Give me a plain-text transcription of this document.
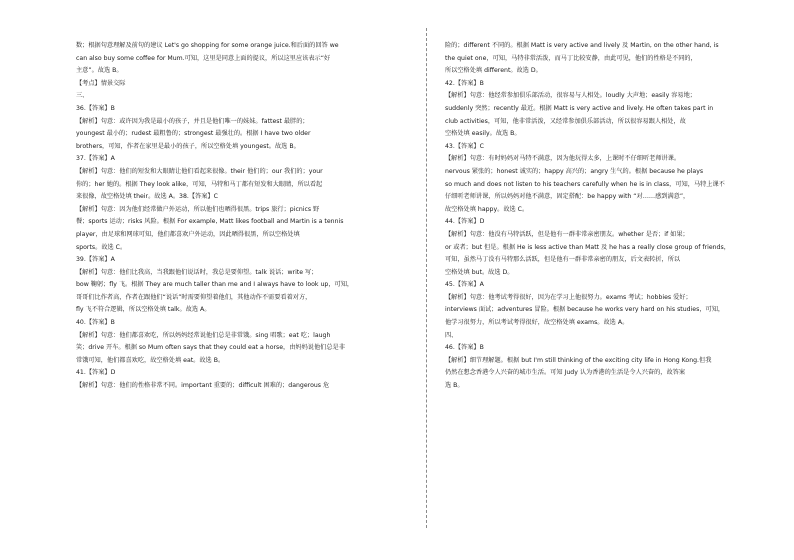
数；根据句意理解及前句的建议 Let's go shopping for some orange juice.和后面的回答 we
can also buy some coffee for Mum.可知，这里是同意上面的提议，所以这里应该表示“好
主意”。故选 B。
【考点】情景交际
三、
36.【答案】B
【解析】句意：或许因为我是最小的孩子，并且是他们唯一的妹妹。fattest 最胖的；
youngest 最小的；rudest 最粗鲁的；strongest 最强壮的。根据 I have two older
brothers，可知，作者在家里是最小的孩子，所以空格处填 youngest。故选 B。
37.【答案】A
【解析】句意：他们的短发和大眼睛让他们看起来很像。their 他们的；our 我们的；your
你的；her 她的。根据 They look alike，可知，马特和马丁都有短发和大眼睛，所以看起
来很像，故空格处填 their。故选 A。38.【答案】C
【解析】句意：因为他们经常做户外运动，所以他们也晒得很黑。trips 旅行；picnics 野
餐；sports 运动；risks 风险。根据 For example, Matt likes football and Martin is a tennis
player，由足球和网球可知，他们都喜欢户外运动，因此晒得很黑，所以空格处填
sports。故选 C。
39.【答案】A
【解析】句意：他们比我高，当我跟他们说话时，我总是要仰望。talk 说话；write 写；
bow 鞠躬；fly 飞。根据 They are much taller than me and I always have to look up，可知，
哥哥们比作者高，作者在跟他们“说话”时需要仰望着他们，其他动作不需要看着对方，
fly 飞不符合逻辑，所以空格处填 talk。故选 A。
40.【答案】B
【解析】句意：他们都喜欢吃，所以妈妈经常说他们总是非常饿。sing 唱歌；eat 吃；laugh
笑；drive 开车。根据 so Mum often says that they could eat a horse，由妈妈说他们总是非
常饿可知，他们都喜欢吃，故空格处填 eat。故选 B。
41.【答案】D
【解析】句意：他们的性格非常不同。important 重要的；difficult 困难的；dangerous 危
险的；different 不同的。根据 Matt is very active and lively 及 Martin, on the other hand, is
the quiet one，可知，马特非常活泼，而马丁比较安静，由此可见，他们的性格是不同的，
所以空格处填 different。故选 D。
42.【答案】B
【解析】句意：他经常参加俱乐部活动，很容易与人相处。loudly 大声地；easily 容易地；
suddenly 突然；recently 最近。根据 Matt is very active and lively. He often takes part in
club activities，可知，他非常活泼，又经常参加俱乐部活动，所以很容易跟人相处，故
空格处填 easily。故选 B。
43.【答案】C
【解析】句意：有时妈妈对马特不满意，因为他玩得太多，上课时不仔细听老师讲课。
nervous 紧张的；honest 诚实的；happy 高兴的；angry 生气的。根据 because he plays
so much and does not listen to his teachers carefully when he is in class，可知，马特上课不
仔细听老师讲课，所以妈妈对他不满意，固定搭配：be happy with “对……感到满意”，
故空格处填 happy。故选 C。
44.【答案】D
【解析】句意：他没有马特活跃，但是他有一群非常亲密朋友。whether 是否；if 如果；
or 或者；but 但是。根据 He is less active than Matt 及 he has a really close group of friends，
可知，虽然马丁没有马特那么活跃，但是他有一群非常亲密的朋友，后文表转折，所以
空格处填 but。故选 D。
45.【答案】A
【解析】句意：他考试考得很好，因为在学习上他很努力。exams 考试；hobbies 爱好；
interviews 面试；adventures 冒险。根据 because he works very hard on his studies，可知，
他学习很努力，所以考试考得很好，故空格处填 exams。故选 A。
四、
46.【答案】B
【解析】细节理解题。根据 but I'm still thinking of the exciting city life in Hong Kong.但我
仍然在想念香港令人兴奋的城市生活。可知 Judy 认为香港的生活是令人兴奋的，故答案
选 B。
